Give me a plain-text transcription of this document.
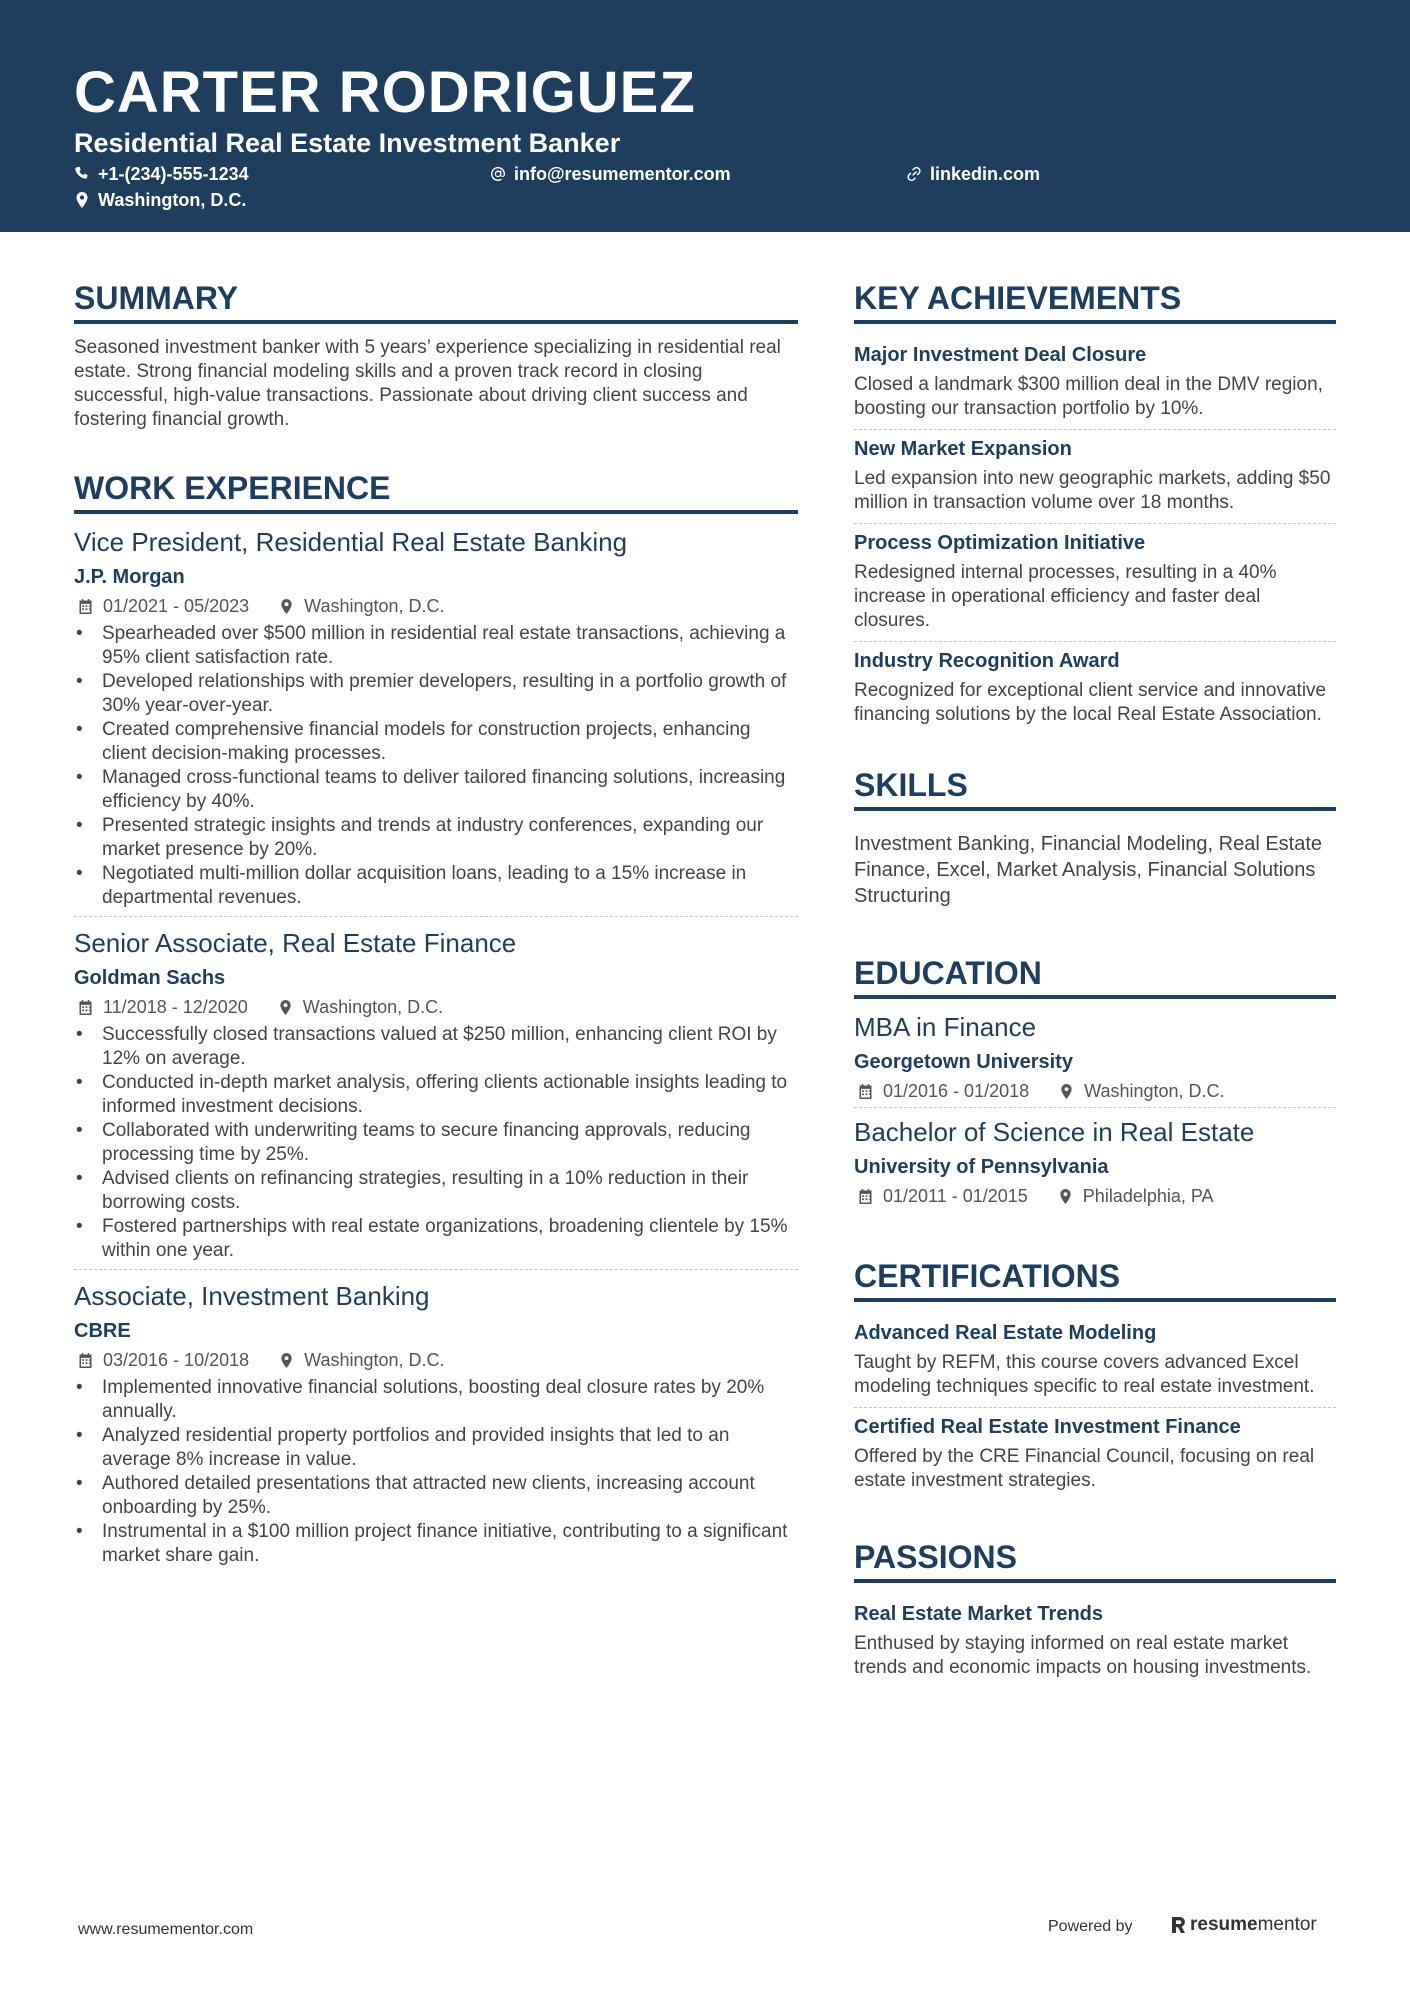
CARTER RODRIGUEZ
Residential Real Estate Investment Banker
+1-(234)-555-1234	info@resumementor.com	linkedin.com
Washington, D.C.
SUMMARY

Seasoned investment banker with 5 years’ experience specializing in residential real estate. Strong financial modeling skills and a proven track record in closing successful, high-value transactions. Passionate about driving client success and fostering financial growth.

WORK EXPERIENCE
Vice President, Residential Real Estate Banking
J.P. Morgan
01/2021 - 05/2023	Washington, D.C.
• Spearheaded over $500 million in residential real estate transactions, achieving a 95% client satisfaction rate.
• Developed relationships with premier developers, resulting in a portfolio growth of 30% year-over-year.
• Created comprehensive financial models for construction projects, enhancing client decision-making processes.
• Managed cross-functional teams to deliver tailored financing solutions, increasing efficiency by 40%.
• Presented strategic insights and trends at industry conferences, expanding our market presence by 20%.
• Negotiated multi-million dollar acquisition loans, leading to a 15% increase in departmental revenues.
Senior Associate, Real Estate Finance
Goldman Sachs
11/2018 - 12/2020	Washington, D.C.
• Successfully closed transactions valued at $250 million, enhancing client ROI by 12% on average.
• Conducted in-depth market analysis, offering clients actionable insights leading to informed investment decisions.
• Collaborated with underwriting teams to secure financing approvals, reducing processing time by 25%.
• Advised clients on refinancing strategies, resulting in a 10% reduction in their borrowing costs.
• Fostered partnerships with real estate organizations, broadening clientele by 15% within one year.
Associate, Investment Banking
CBRE
03/2016 - 10/2018	Washington, D.C.
• Implemented innovative financial solutions, boosting deal closure rates by 20% annually.
• Analyzed residential property portfolios and provided insights that led to an average 8% increase in value.
• Authored detailed presentations that attracted new clients, increasing account onboarding by 25%.
• Instrumental in a $100 million project finance initiative, contributing to a significant market share gain.
KEY ACHIEVEMENTS
Major Investment Deal Closure
Closed a landmark $300 million deal in the DMV region, boosting our transaction portfolio by 10%.
New Market Expansion
Led expansion into new geographic markets, adding $50 million in transaction volume over 18 months.
Process Optimization Initiative
Redesigned internal processes, resulting in a 40% increase in operational efficiency and faster deal closures.
Industry Recognition Award
Recognized for exceptional client service and innovative financing solutions by the local Real Estate Association.
SKILLS

Investment Banking, Financial Modeling, Real Estate Finance, Excel, Market Analysis, Financial Solutions Structuring

EDUCATION
MBA in Finance
Georgetown University
01/2016 - 01/2018	Washington, D.C.
Bachelor of Science in Real Estate
University of Pennsylvania
01/2011 - 01/2015	Philadelphia, PA
CERTIFICATIONS
Advanced Real Estate Modeling
Taught by REFM, this course covers advanced Excel modeling techniques specific to real estate investment.
Certified Real Estate Investment Finance
Offered by the CRE Financial Council, focusing on real estate investment strategies.
PASSIONS
Real Estate Market Trends
Enthused by staying informed on real estate market trends and economic impacts on housing investments.
www.resumementor.com	Powered by	resume mentor
